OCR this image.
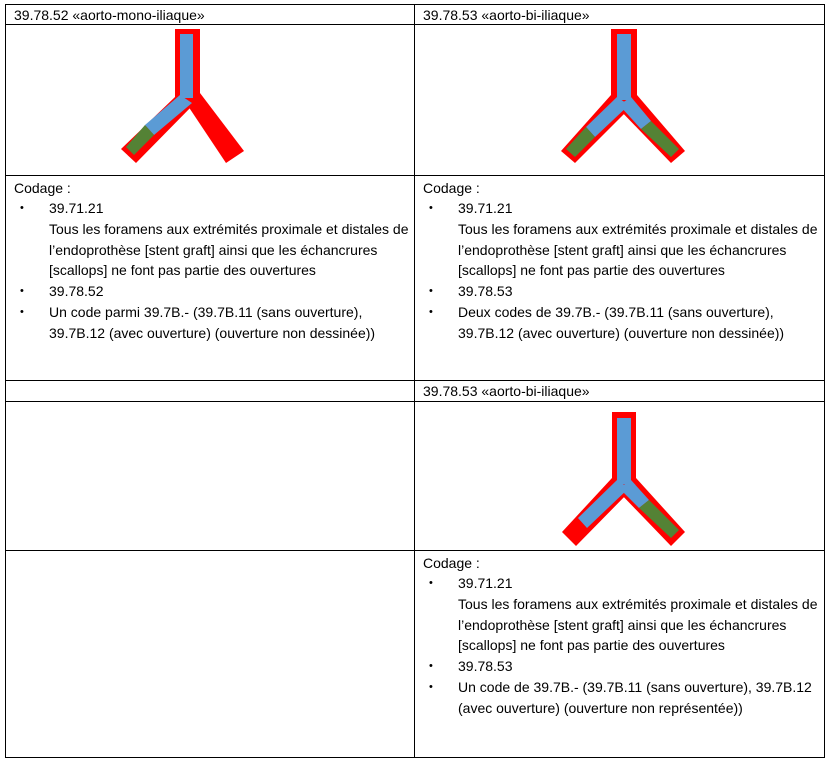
39.78.52 «aorto-mono-iliaque»	39.78.53 «aorto-bi-iliaque»
Codage :
• 39.71.21
Tous les foramens aux extrémités proximale et distales de l’endoprothèse [stent graft] ainsi que les échancrures [scallops] ne font pas partie des ouvertures
• 39.78.52
• Un code parmi 39.7B.- (39.7B.11 (sans ouverture), 39.7B.12 (avec ouverture) (ouverture non dessinée))
Codage :
• 39.71.21
Tous les foramens aux extrémités proximale et distales de l’endoprothèse [stent graft] ainsi que les échancrures [scallops] ne font pas partie des ouvertures
• 39.78.53
• Deux codes de 39.7B.- (39.7B.11 (sans ouverture), 39.7B.12 (avec ouverture) (ouverture non dessinée))
39.78.53 «aorto-bi-iliaque»
Codage :
• 39.71.21
Tous les foramens aux extrémités proximale et distales de l’endoprothèse [stent graft] ainsi que les échancrures [scallops] ne font pas partie des ouvertures
• 39.78.53
• Un code de 39.7B.- (39.7B.11 (sans ouverture), 39.7B.12 (avec ouverture) (ouverture non représentée))
